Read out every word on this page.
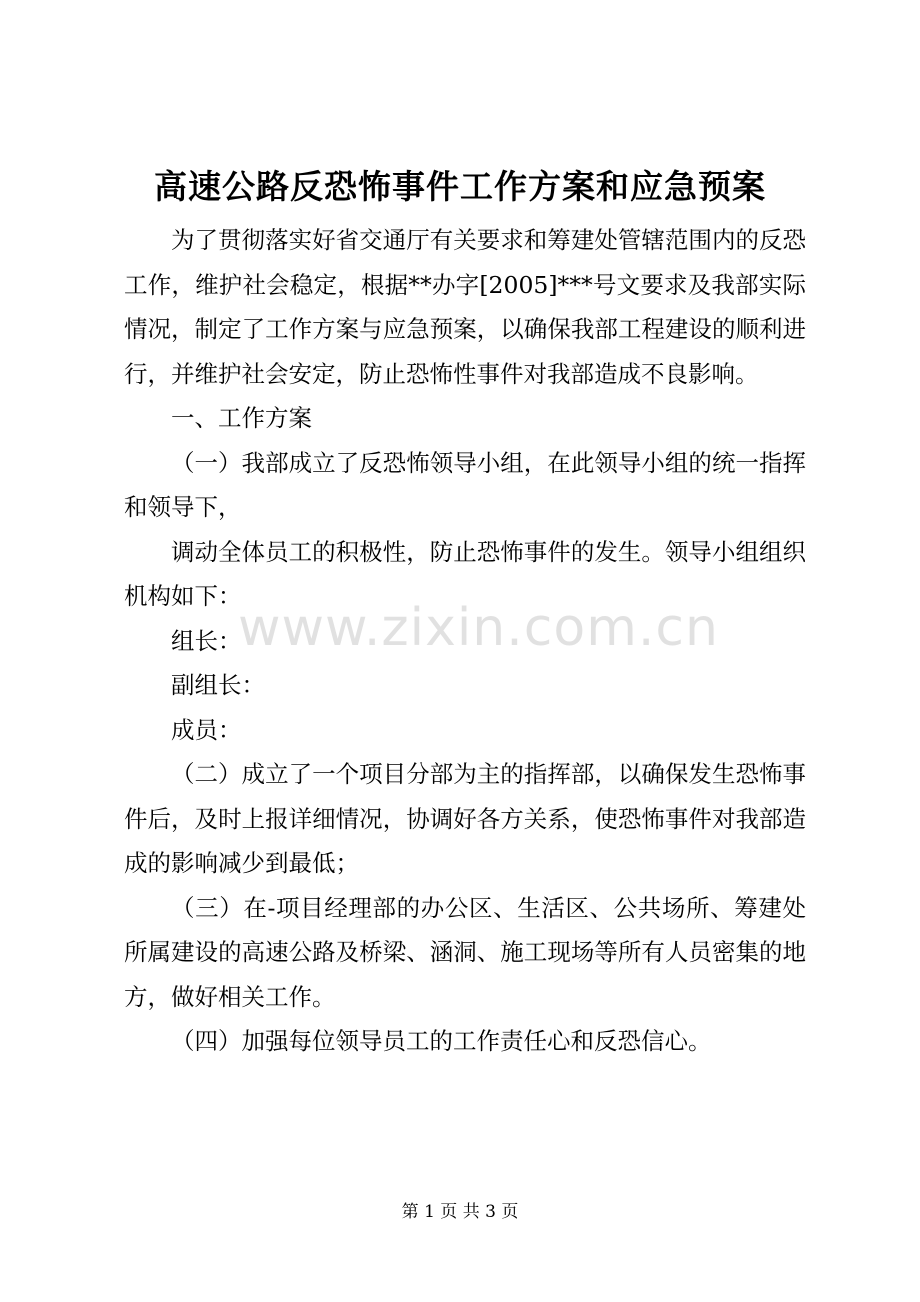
高速公路反恐怖事件工作方案和应急预案

为了贯彻落实好省交通厅有关要求和筹建处管辖范围内的反恐工作，维护社会稳定，根据**办字[2005]***号文要求及我部实际情况，制定了工作方案与应急预案，以确保我部工程建设的顺利进行，并维护社会安定，防止恐怖性事件对我部造成不良影响。

一、工作方案

（一）我部成立了反恐怖领导小组，在此领导小组的统一指挥和领导下，

调动全体员工的积极性，防止恐怖事件的发生。领导小组组织机构如下：

组长：

副组长：

成员：

（二）成立了一个项目分部为主的指挥部，以确保发生恐怖事件后，及时上报详细情况，协调好各方关系，使恐怖事件对我部造成的影响减少到最低；

（三）在-项目经理部的办公区、生活区、公共场所、筹建处所属建设的高速公路及桥梁、涵洞、施工现场等所有人员密集的地方，做好相关工作。

（四）加强每位领导员工的工作责任心和反恐信心。

www.zixin.com.cn
第 1 页 共 3 页
